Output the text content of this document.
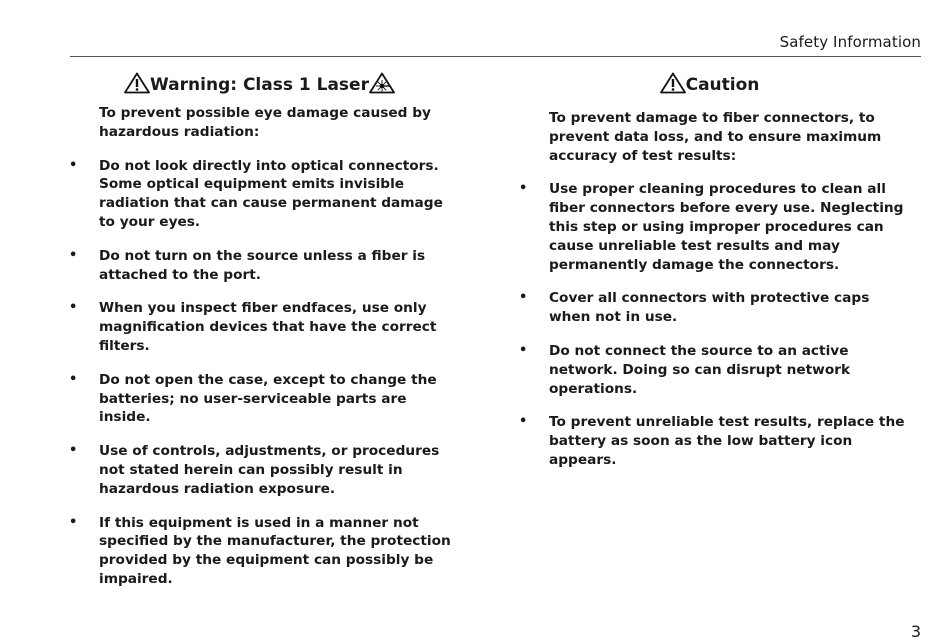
Safety Information
Warning: Class 1 Laser
To prevent possible eye damage caused by hazardous radiation:
• Do not look directly into optical connectors. Some optical equipment emits invisible radiation that can cause permanent damage to your eyes.
• Do not turn on the source unless a fiber is attached to the port.
• When you inspect fiber endfaces, use only magnification devices that have the correct filters.
• Do not open the case, except to change the batteries; no user-serviceable parts are inside.
• Use of controls, adjustments, or procedures not stated herein can possibly result in hazardous radiation exposure.
• If this equipment is used in a manner not specified by the manufacturer, the protection provided by the equipment can possibly be impaired.
Caution
To prevent damage to fiber connectors, to prevent data loss, and to ensure maximum accuracy of test results:
• Use proper cleaning procedures to clean all fiber connectors before every use. Neglecting this step or using improper procedures can cause unreliable test results and may permanently damage the connectors.
• Cover all connectors with protective caps when not in use.
• Do not connect the source to an active network. Doing so can disrupt network operations.
• To prevent unreliable test results, replace the battery as soon as the low battery icon appears.
3
